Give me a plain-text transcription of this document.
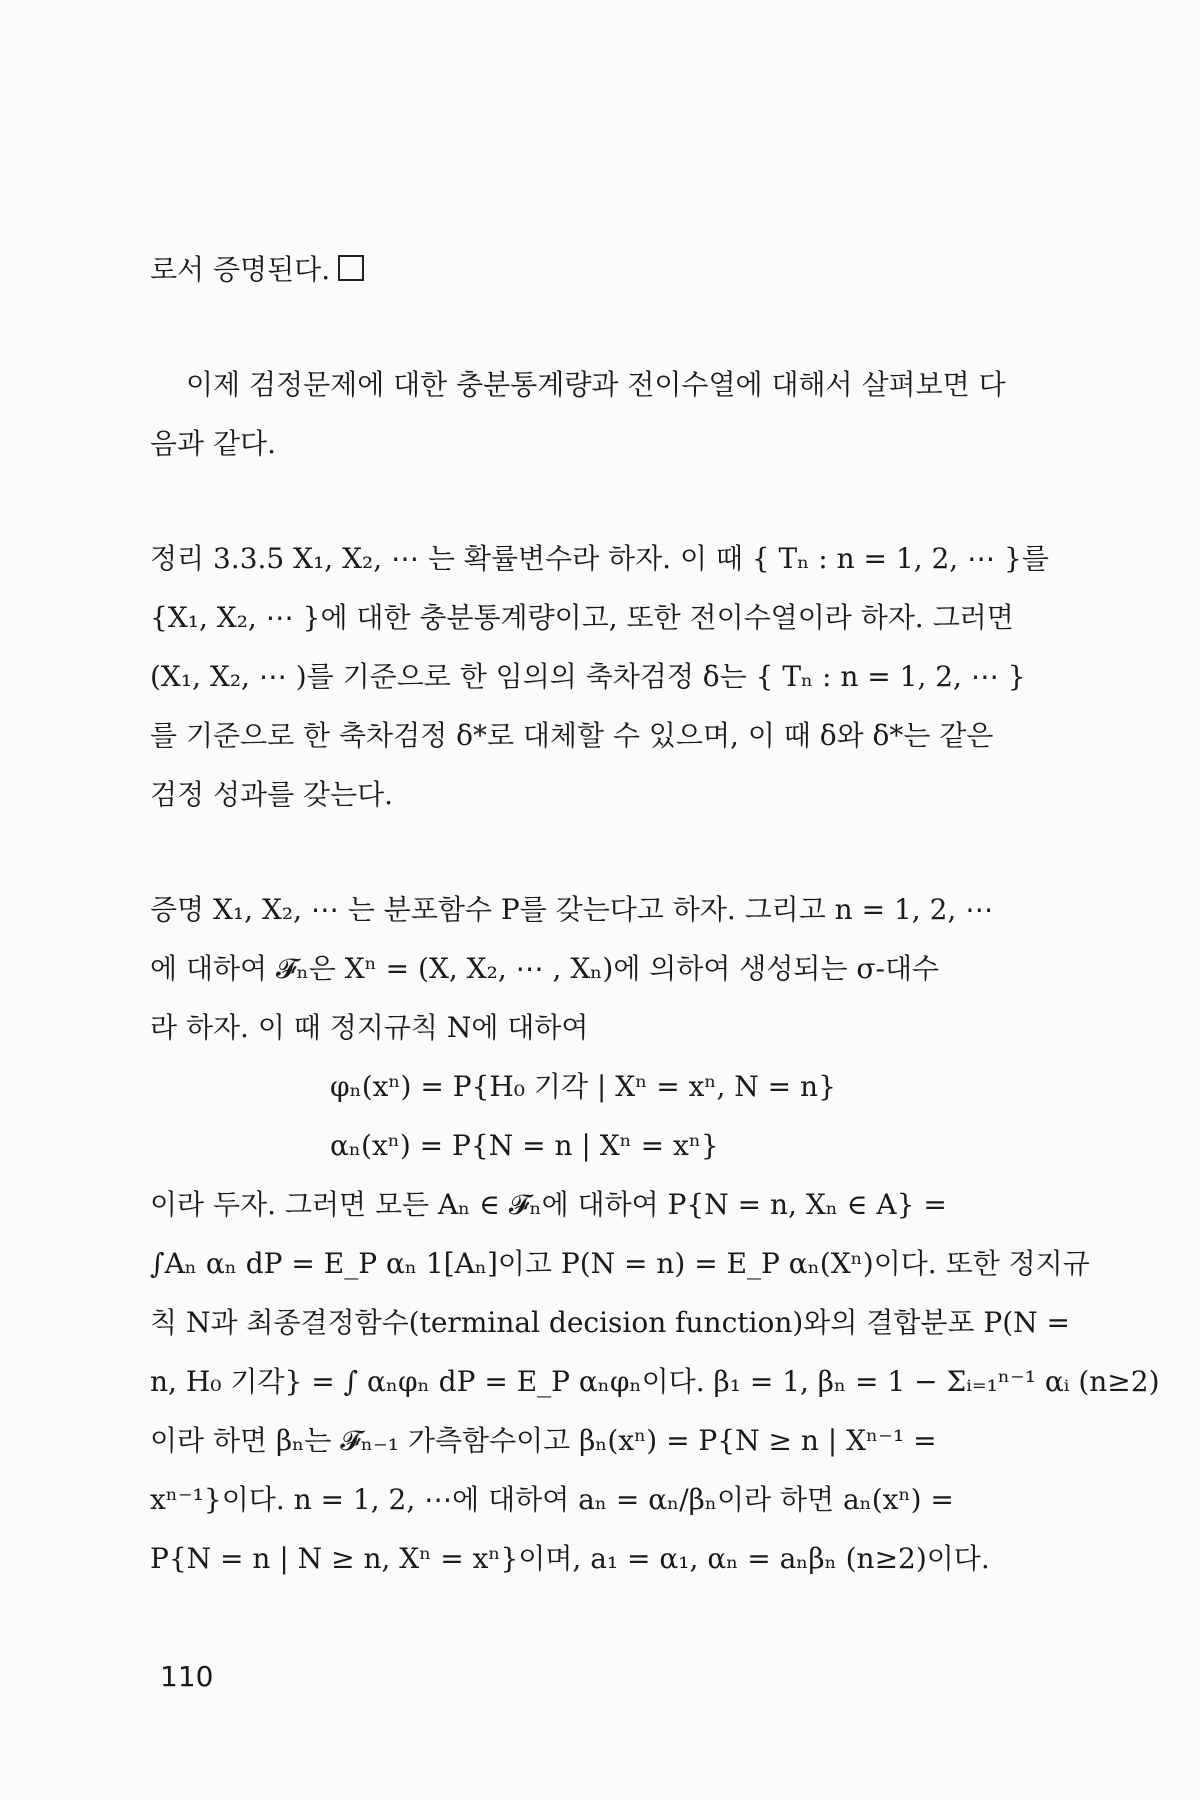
로서 증명된다.

이제 검정문제에 대한 충분통계량과 전이수열에 대해서 살펴보면 다
음과 같다.

정리 3.3.5 X₁, X₂, ⋯ 는 확률변수라 하자. 이 때 { Tₙ : n = 1, 2, ⋯ }를
{X₁, X₂, ⋯ }에 대한 충분통계량이고, 또한 전이수열이라 하자. 그러면
(X₁, X₂, ⋯ )를 기준으로 한 임의의 축차검정 δ는 { Tₙ : n = 1, 2, ⋯ }
를 기준으로 한 축차검정 δ*로 대체할 수 있으며, 이 때 δ와 δ*는 같은
검정 성과를 갖는다.

증명 X₁, X₂, ⋯ 는 분포함수 P를 갖는다고 하자. 그리고 n = 1, 2, ⋯
에 대하여 𝓕ₙ은 Xⁿ = (X, X₂, ⋯ , Xₙ)에 의하여 생성되는 σ-대수
라 하자. 이 때 정지규칙 N에 대하여
φₙ(xⁿ) = P{H₀ 기각 | Xⁿ = xⁿ, N = n}
αₙ(xⁿ) = P{N = n | Xⁿ = xⁿ}
이라 두자. 그러면 모든 Aₙ ∈ 𝓕ₙ에 대하여 P{N = n, Xₙ ∈ A} =
∫Aₙ αₙ dP = E_P αₙ 1[Aₙ]이고 P(N = n) = E_P αₙ(Xⁿ)이다. 또한 정지규
칙 N과 최종결정함수(terminal decision function)와의 결합분포 P(N =
n, H₀ 기각} = ∫ αₙφₙ dP = E_P αₙφₙ이다. β₁ = 1, βₙ = 1 − Σᵢ₌₁ⁿ⁻¹ αᵢ (n≥2)
이라 하면 βₙ는 𝓕ₙ₋₁ 가측함수이고 βₙ(xⁿ) = P{N ≥ n | Xⁿ⁻¹ =
xⁿ⁻¹}이다. n = 1, 2, ⋯에 대하여 aₙ = αₙ/βₙ이라 하면 aₙ(xⁿ) =
P{N = n | N ≥ n, Xⁿ = xⁿ}이며, a₁ = α₁, αₙ = aₙβₙ (n≥2)이다.

110
